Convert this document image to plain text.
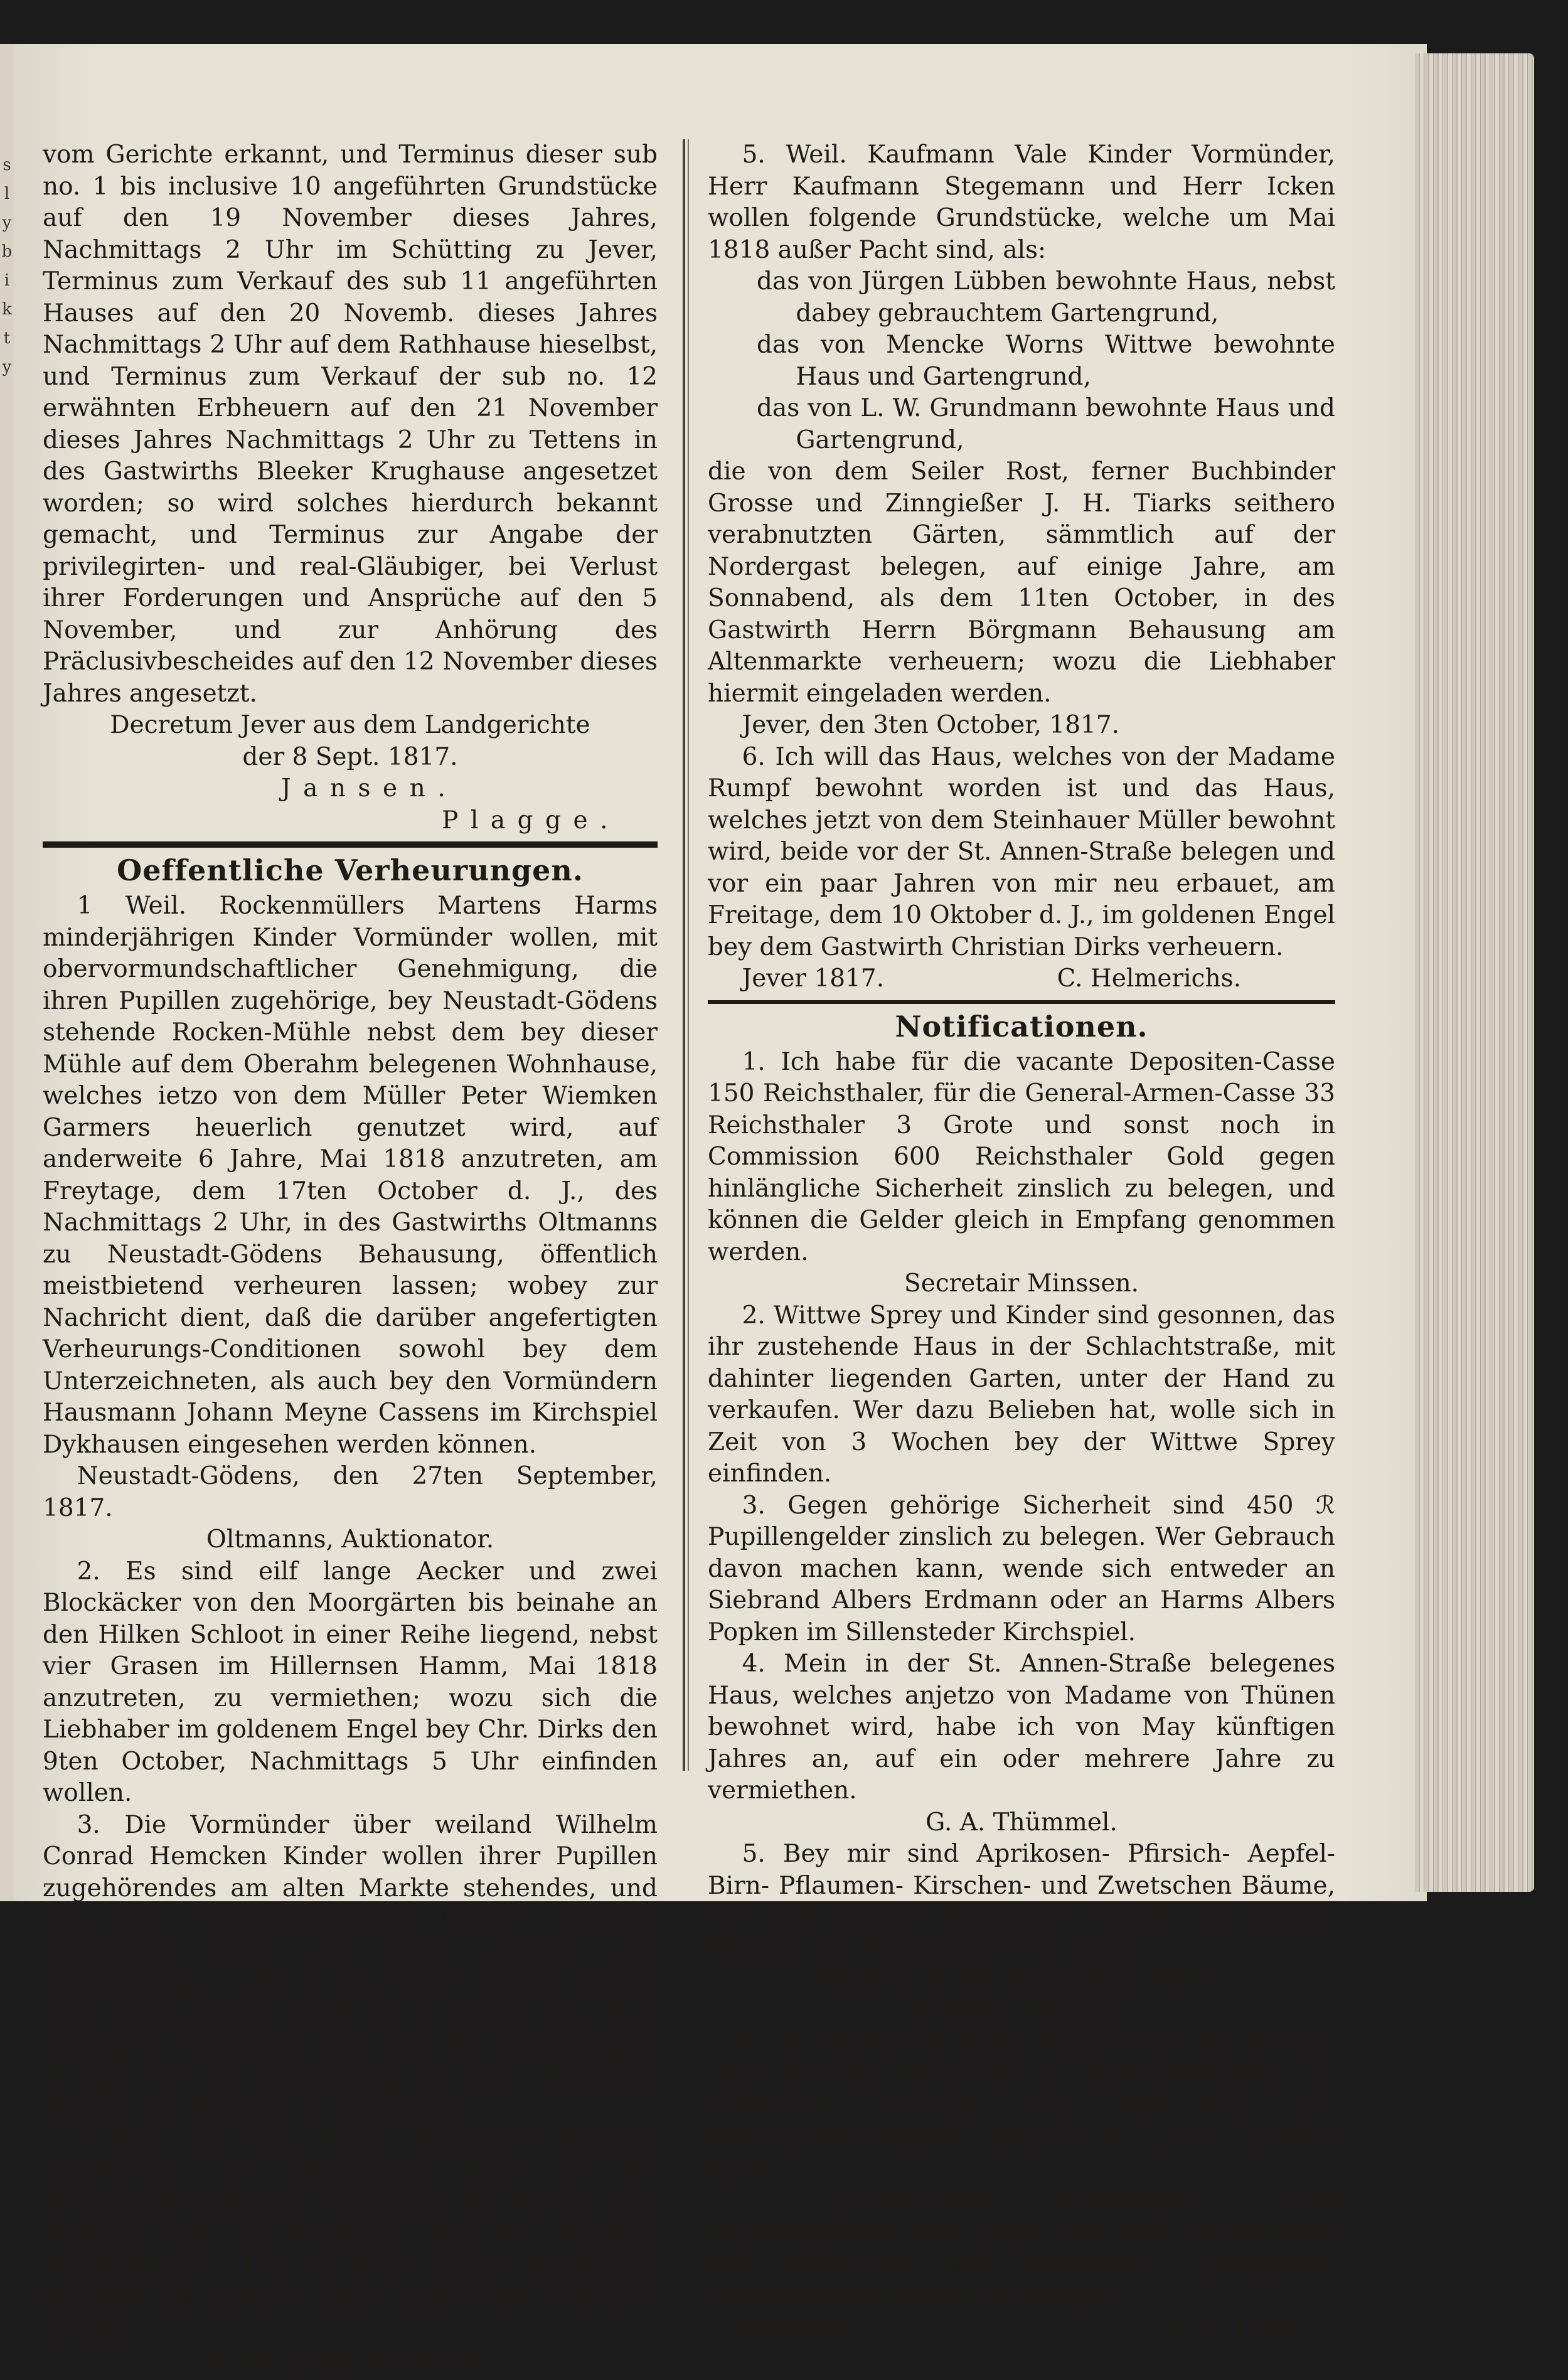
s
l
y
b
i
k
t
y

vom Gerichte erkannt, und Terminus dieser sub no. 1 bis inclusive 10 angeführten Grundstücke auf den 19 November dieses Jahres, Nachmittags 2 Uhr im Schütting zu Jever, Terminus zum Verkauf des sub 11 angeführten Hauses auf den 20 Novemb. dieses Jahres Nachmittags 2 Uhr auf dem Rathhause hieselbst, und Terminus zum Verkauf der sub no. 12 erwähnten Erbheuern auf den 21 November dieses Jahres Nachmittags 2 Uhr zu Tettens in des Gastwirths Bleeker Krughause angesetzet worden; so wird solches hierdurch bekannt gemacht, und Terminus zur Angabe der privilegirten- und real-Gläubiger, bei Verlust ihrer Forderungen und Ansprüche auf den 5 November, und zur Anhörung des Präclusivbescheides auf den 12 November dieses Jahres angesetzt.

Decretum Jever aus dem Landgerichte

der 8 Sept. 1817.

Jansen.

Plagge.

Oeffentliche Verheurungen.

1 Weil. Rockenmüllers Martens Harms minderjährigen Kinder Vormünder wollen, mit obervormundschaftlicher Genehmigung, die ihren Pupillen zugehörige, bey Neustadt-Gödens stehende Rocken-Mühle nebst dem bey dieser Mühle auf dem Oberahm belegenen Wohnhause, welches ietzo von dem Müller Peter Wiemken Garmers heuerlich genutzet wird, auf anderweite 6 Jahre, Mai 1818 anzutreten, am Freytage, dem 17ten October d. J., des Nachmittags 2 Uhr, in des Gastwirths Oltmanns zu Neustadt-Gödens Behausung, öffentlich meistbietend verheuren lassen; wobey zur Nachricht dient, daß die darüber angefertigten Verheurungs-Conditionen sowohl bey dem Unterzeichneten, als auch bey den Vormündern Hausmann Johann Meyne Cassens im Kirchspiel Dykhausen eingesehen werden können.

Neustadt-Gödens, den 27ten September, 1817.

Oltmanns, Auktionator.

2. Es sind eilf lange Aecker und zwei Blockäcker von den Moorgärten bis beinahe an den Hilken Schloot in einer Reihe liegend, nebst vier Grasen im Hillernsen Hamm, Mai 1818 anzutreten, zu vermiethen; wozu sich die Liebhaber im goldenem Engel bey Chr. Dirks den 9ten October, Nachmittags 5 Uhr einfinden wollen.

3. Die Vormünder über weiland Wilhelm Conrad Hemcken Kinder wollen ihrer Pupillen zugehörendes am alten Markte stehendes, und von dem Schlössermeister Müller bewohnt werdendes Haus, am 18ten October, des Nachmittags 5 Uhr, in des Herrn Benten Hause zum rothen Löwen, auf 6 Jahre, welche Mai 1818 anfangen, verheuern, und sind die Bedingungen 3 Tage vor der Verheurung bei dem Gastwirth Benten zur Einsicht zu bekommen.

4. Das des weil. Cant. Schönherr Kindern zugehörige, im Schortenser Loge an der Heerstraße belegene Wohnhaus mit Garten und Aeckern soll am Freitage, dem 17 October, Nachmittags 2 Uhr, in Herrn Kuper Krughause daselbst auf mehrere Jahre anderweit verheuert werden.

U. H. Lauts, Vormund.

5. Weil. Kaufmann Vale Kinder Vormünder, Herr Kaufmann Stegemann und Herr Icken wollen folgende Grundstücke, welche um Mai 1818 außer Pacht sind, als:

das von Jürgen Lübben bewohnte Haus, nebst dabey gebrauchtem Gartengrund,

das von Mencke Worns Wittwe bewohnte Haus und Gartengrund,

das von L. W. Grundmann bewohnte Haus und Gartengrund,

die von dem Seiler Rost, ferner Buchbinder Grosse und Zinngießer J. H. Tiarks seithero verabnutzten Gärten, sämmtlich auf der Nordergast belegen, auf einige Jahre, am Sonnabend, als dem 11ten October, in des Gastwirth Herrn Börgmann Behausung am Altenmarkte verheuern; wozu die Liebhaber hiermit eingeladen werden.

Jever, den 3ten October, 1817.

6. Ich will das Haus, welches von der Madame Rumpf bewohnt worden ist und das Haus, welches jetzt von dem Steinhauer Müller bewohnt wird, beide vor der St. Annen-Straße belegen und vor ein paar Jahren von mir neu erbauet, am Freitage, dem 10 Oktober d. J., im goldenen Engel bey dem Gastwirth Christian Dirks verheuern.

Jever 1817.	C. Helmerichs.

Notificationen.

1. Ich habe für die vacante Depositen-Casse 150 Reichsthaler, für die General-Armen-Casse 33 Reichsthaler 3 Grote und sonst noch in Commission 600 Reichsthaler Gold gegen hinlängliche Sicherheit zinslich zu belegen, und können die Gelder gleich in Empfang genommen werden.

Secretair Minssen.

2. Wittwe Sprey und Kinder sind gesonnen, das ihr zustehende Haus in der Schlachtstraße, mit dahinter liegenden Garten, unter der Hand zu verkaufen. Wer dazu Belieben hat, wolle sich in Zeit von 3 Wochen bey der Wittwe Sprey einfinden.

3. Gegen gehörige Sicherheit sind 450 ℛ Pupillengelder zinslich zu belegen. Wer Gebrauch davon machen kann, wende sich entweder an Siebrand Albers Erdmann oder an Harms Albers Popken im Sillensteder Kirchspiel.

4. Mein in der St. Annen-Straße belegenes Haus, welches anjetzo von Madame von Thünen bewohnet wird, habe ich von May künftigen Jahres an, auf ein oder mehrere Jahre zu vermiethen.

G. A. Thümmel.

5. Bey mir sind Aprikosen- Pfirsich- Aepfel- Birn- Pflaumen- Kirschen- und Zwetschen Bäume, wie auch Linden- Castanien- Pappel- und andere Bäume, und Gesträucher zu haben.

Gödens, d. 22 September, 1817.

Schütze, Gärtner.

6. Es sind noch einige Aecker auf der Norder Gast bey der Dreesche zu Garten-Früchten zu verheuern, weshalb man sich bey der Commissions-Räthin Jürgens in Jever melden kann.

7. Zweihundert Reichsthaler Gold Pupillengelder sind gegen eine den Vorschriften der Instruction für Vormünder genügende Verschreibung sofort zu belegen.

Kleverns.	U. H. Lauts.
